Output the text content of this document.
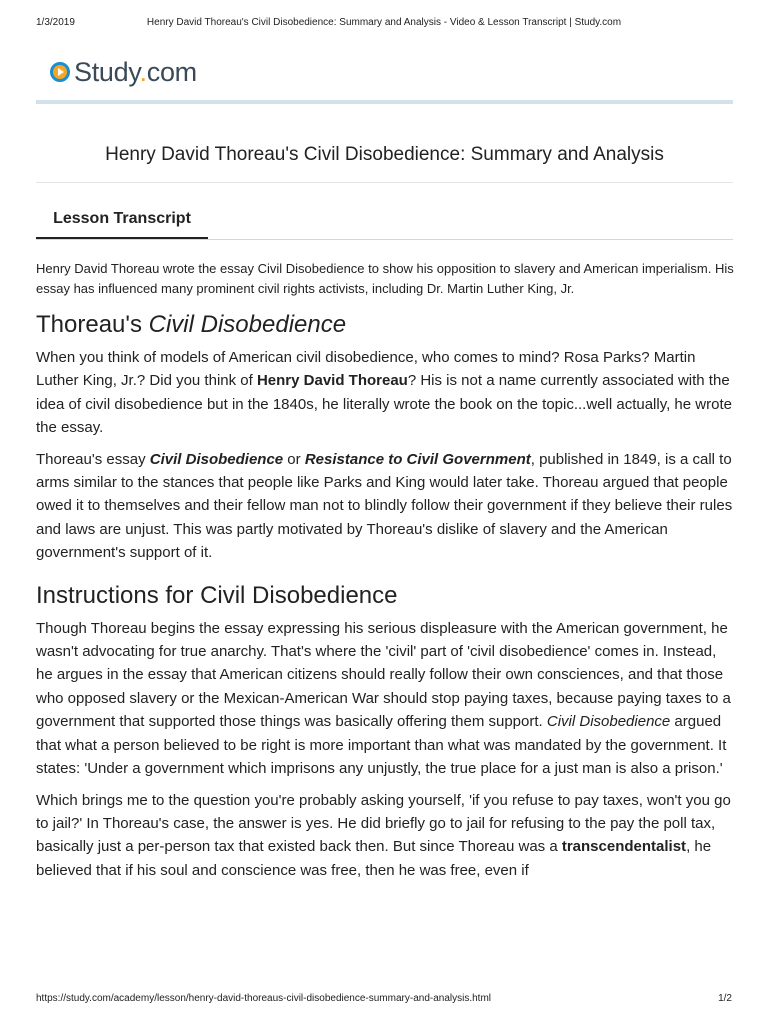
1/3/2019	Henry David Thoreau's Civil Disobedience: Summary and Analysis - Video & Lesson Transcript | Study.com
Study.com
Henry David Thoreau's Civil Disobedience: Summary and Analysis
Lesson Transcript

Henry David Thoreau wrote the essay Civil Disobedience to show his opposition to slavery and American imperialism. His essay has influenced many prominent civil rights activists, including Dr. Martin Luther King, Jr.

Thoreau's Civil Disobedience

When you think of models of American civil disobedience, who comes to mind? Rosa Parks? Martin Luther King, Jr.? Did you think of Henry David Thoreau? His is not a name currently associated with the idea of civil disobedience but in the 1840s, he literally wrote the book on the topic...well actually, he wrote the essay.

Thoreau's essay Civil Disobedience or Resistance to Civil Government, published in 1849, is a call to arms similar to the stances that people like Parks and King would later take. Thoreau argued that people owed it to themselves and their fellow man not to blindly follow their government if they believe their rules and laws are unjust. This was partly motivated by Thoreau's dislike of slavery and the American government's support of it.

Instructions for Civil Disobedience

Though Thoreau begins the essay expressing his serious displeasure with the American government, he wasn't advocating for true anarchy. That's where the 'civil' part of 'civil disobedience' comes in. Instead, he argues in the essay that American citizens should really follow their own consciences, and that those who opposed slavery or the Mexican-American War should stop paying taxes, because paying taxes to a government that supported those things was basically offering them support. Civil Disobedience argued that what a person believed to be right is more important than what was mandated by the government. It states: 'Under a government which imprisons any unjustly, the true place for a just man is also a prison.'

Which brings me to the question you're probably asking yourself, 'if you refuse to pay taxes, won't you go to jail?' In Thoreau's case, the answer is yes. He did briefly go to jail for refusing to the pay the poll tax, basically just a per-person tax that existed back then. But since Thoreau was a transcendentalist, he believed that if his soul and conscience was free, then he was free, even if

https://study.com/academy/lesson/henry-david-thoreaus-civil-disobedience-summary-and-analysis.html	1/2
